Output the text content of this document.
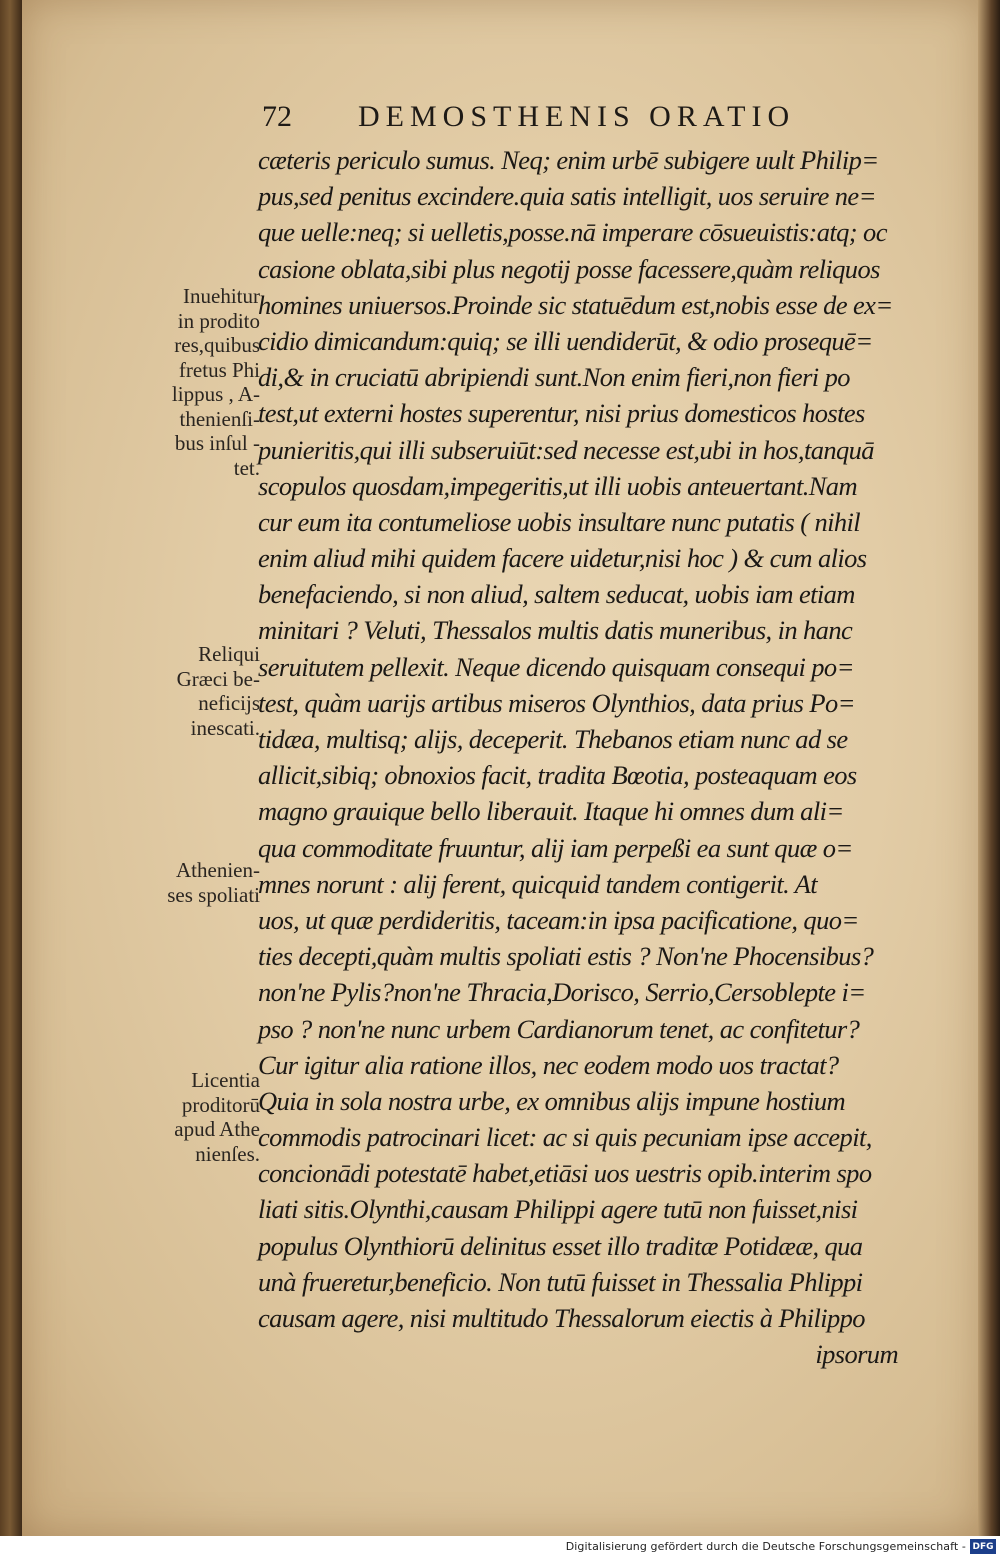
72 DEMOSTHENIS ORATIO
cæteris periculo sumus. Neq; enim urbē subigere uult Philip=
pus,sed penitus excindere.quia satis intelligit, uos seruire ne=
que uelle:neq; si uelletis,posse.nā imperare cōsueuistis:atq; oc
casione oblata,sibi plus negotij posse facessere,quàm reliquos
homines uniuersos.Proinde sic statuēdum est,nobis esse de ex=
cidio dimicandum:quiq; se illi uendiderūt, & odio prosequē=
di,& in cruciatū abripiendi sunt.Non enim fieri,non fieri po
test,ut externi hostes superentur, nisi prius domesticos hostes
punieritis,qui illi subseruiūt:sed necesse est,ubi in hos,tanquā
scopulos quosdam,impegeritis,ut illi uobis anteuertant.Nam
cur eum ita contumeliose uobis insultare nunc putatis ( nihil
enim aliud mihi quidem facere uidetur,nisi hoc ) & cum alios
benefaciendo, si non aliud, saltem seducat, uobis iam etiam
minitari ? Veluti, Thessalos multis datis muneribus, in hanc
seruitutem pellexit. Neque dicendo quisquam consequi po=
test, quàm uarijs artibus miseros Olynthios, data prius Po=
tidæa, multisq; alijs, deceperit. Thebanos etiam nunc ad se
allicit,sibiq; obnoxios facit, tradita Bœotia, posteaquam eos
magno grauique bello liberauit. Itaque hi omnes dum ali=
qua commoditate fruuntur, alij iam perpeßi ea sunt quæ o=
mnes norunt : alij ferent, quicquid tandem contigerit. At
uos, ut quæ perdideritis, taceam:in ipsa pacificatione, quo=
ties decepti,quàm multis spoliati estis ? Non'ne Phocensibus?
non'ne Pylis?non'ne Thracia,Dorisco, Serrio,Cersoblepte i=
pso ? non'ne nunc urbem Cardianorum tenet, ac confitetur?
Cur igitur alia ratione illos, nec eodem modo uos tractat?
Quia in sola nostra urbe, ex omnibus alijs impune hostium
commodis patrocinari licet: ac si quis pecuniam ipse accepit,
concionādi potestatē habet,etiāsi uos uestris opib.interim spo
liati sitis.Olynthi,causam Philippi agere tutū non fuisset,nisi
populus Olynthiorū delinitus esset illo traditæ Potidææ, qua
unà frueretur,beneficio. Non tutū fuisset in Thessalia Phlippi
causam agere, nisi multitudo Thessalorum eiectis à Philippo
ipsorum
Inuehitur
in prodito
res,quibus
fretus Phi
lippus , A-
thenienſi-
bus inſul -
tet.
Reliqui
Græci be-
neficijs
inescati.
Athenien-
ses spoliati
Licentia
proditorū
apud Athe
nienſes.
Digitalisierung gefördert durch die Deutsche Forschungsgemeinschaft - DFG
